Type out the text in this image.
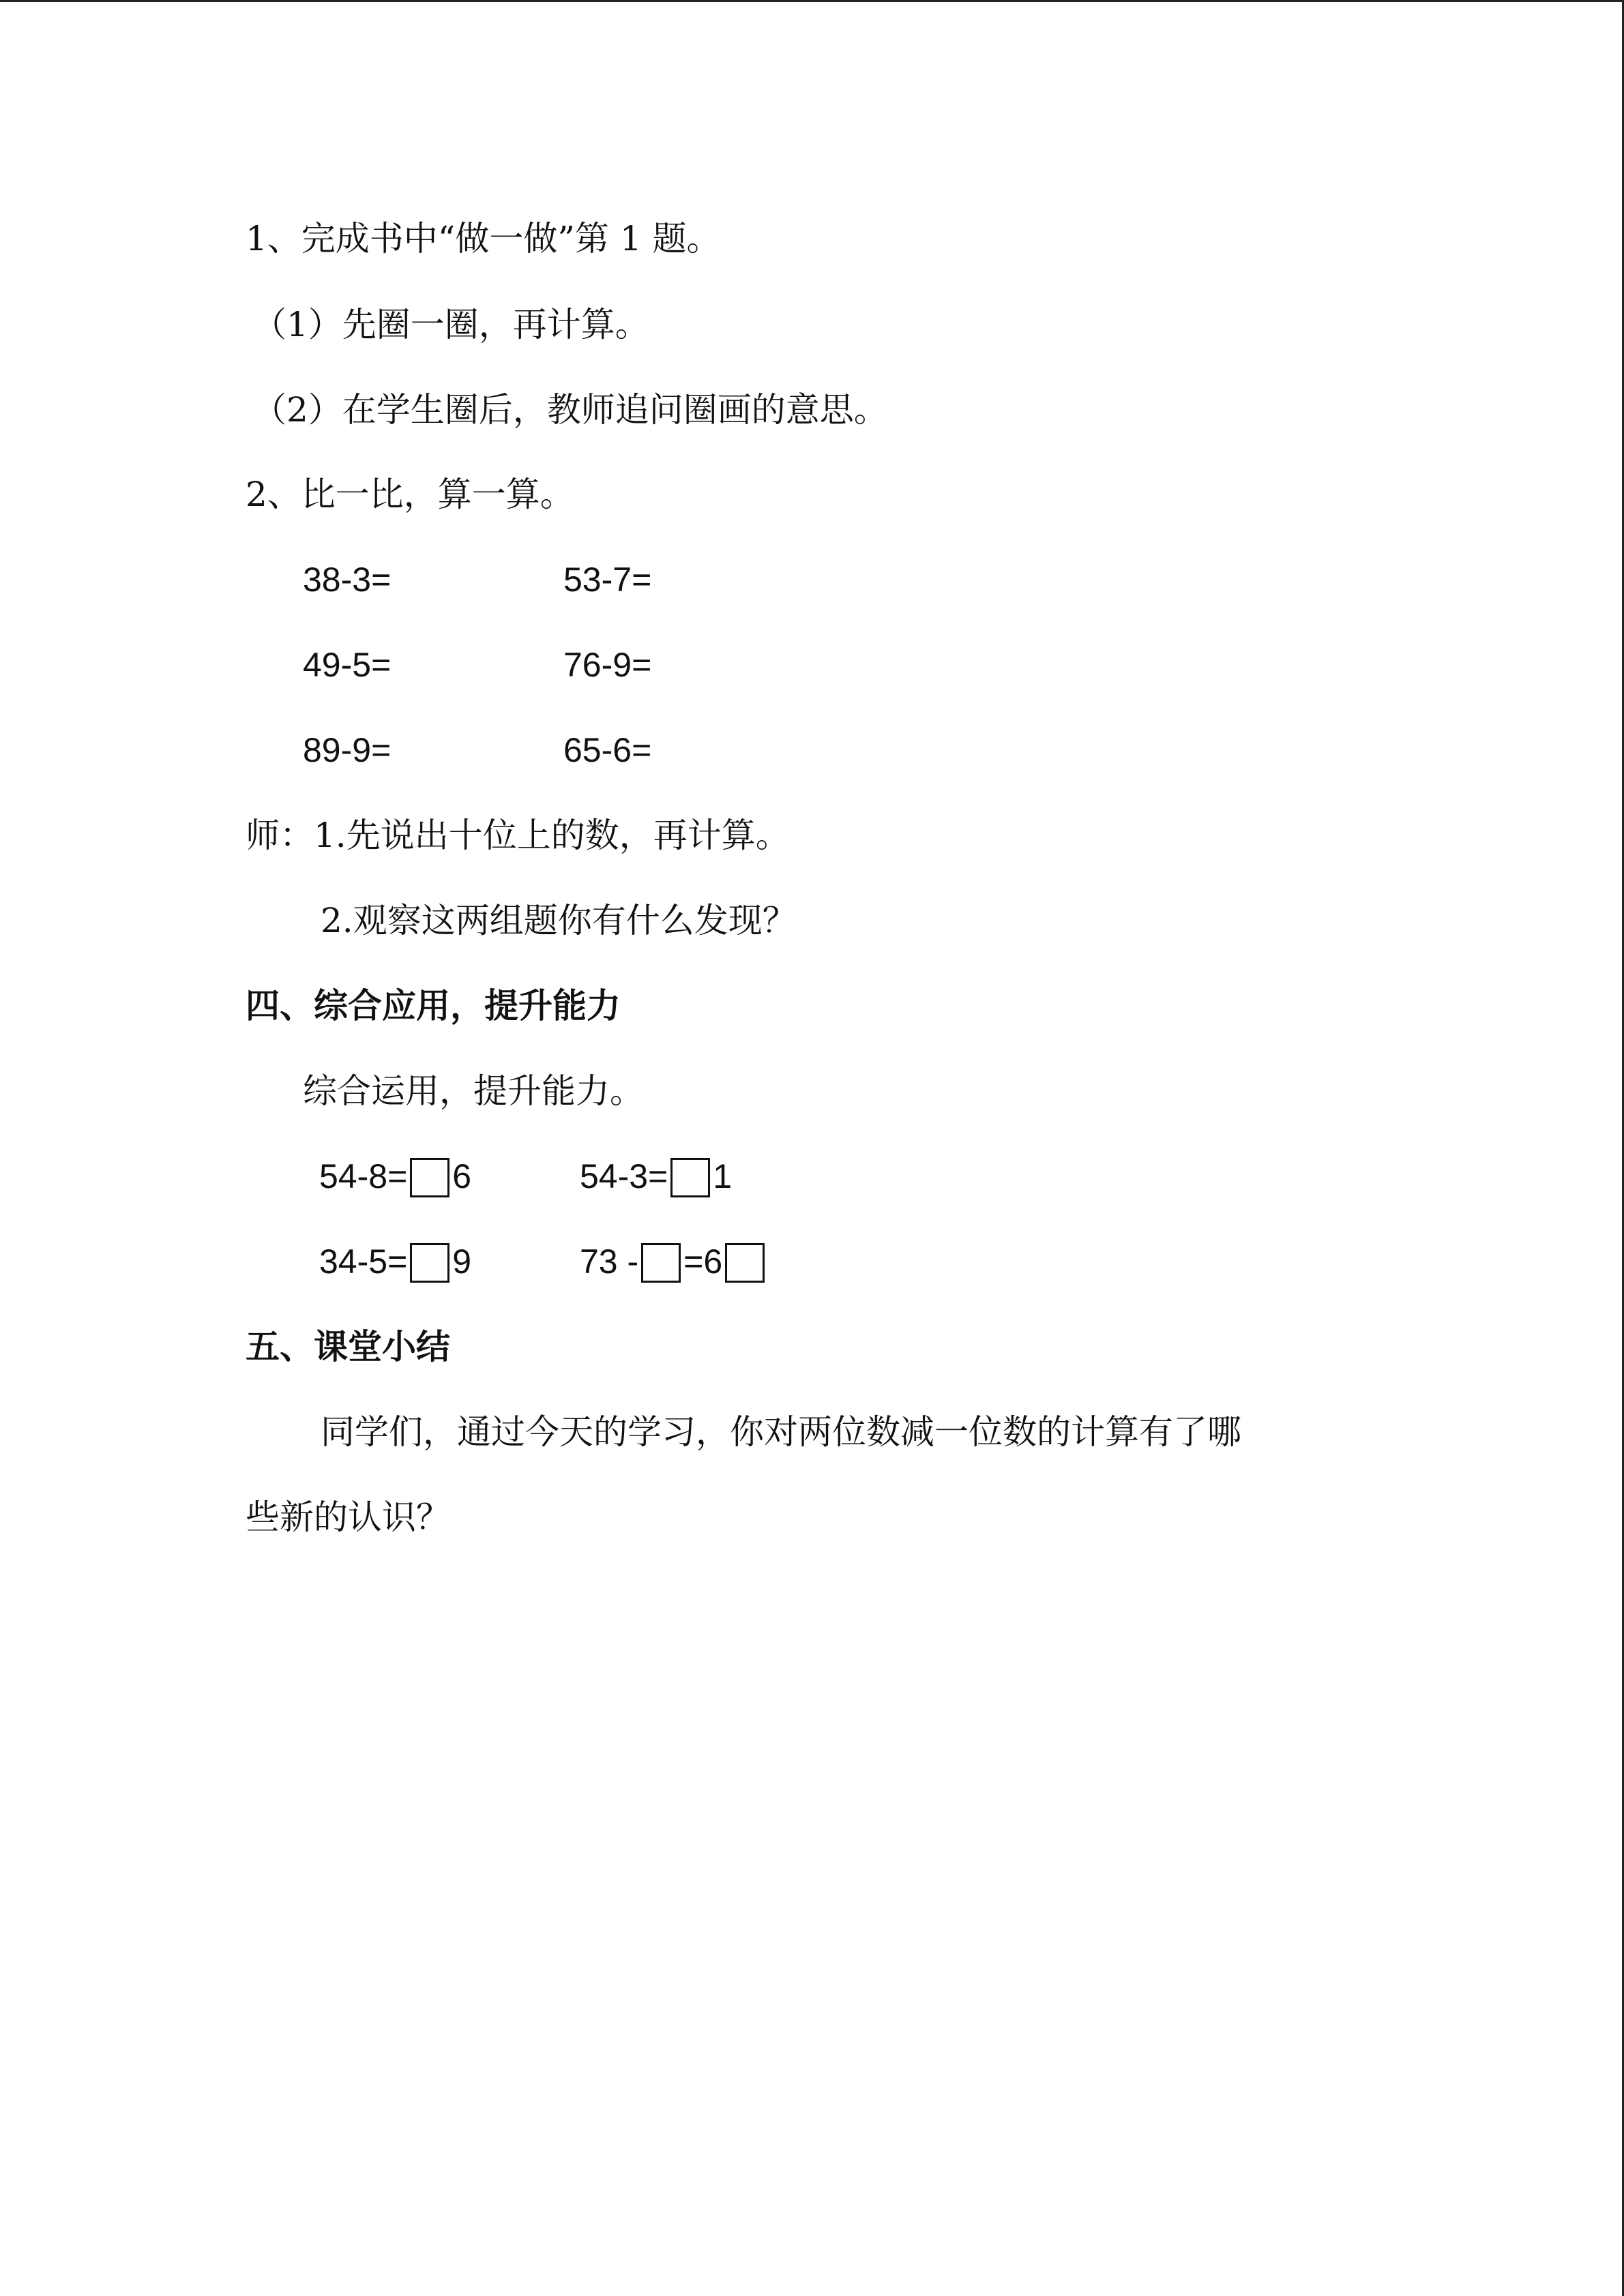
1、完成书中“做一做”第 1 题。
（1）先圈一圈，再计算。
（2）在学生圈后，教师追问圈画的意思。
2、比一比，算一算。
38-3=	53-7=
49-5=	76-9=
89-9=	65-6=
师：1.先说出十位上的数，再计算。
2.观察这两组题你有什么发现？
四、综合应用，提升能力
综合运用，提升能力。
54-8= 6	54-3= 1
34-5= 9	73 - =6
五、课堂小结
同学们，通过今天的学习，你对两位数减一位数的计算有了哪
些新的认识？
